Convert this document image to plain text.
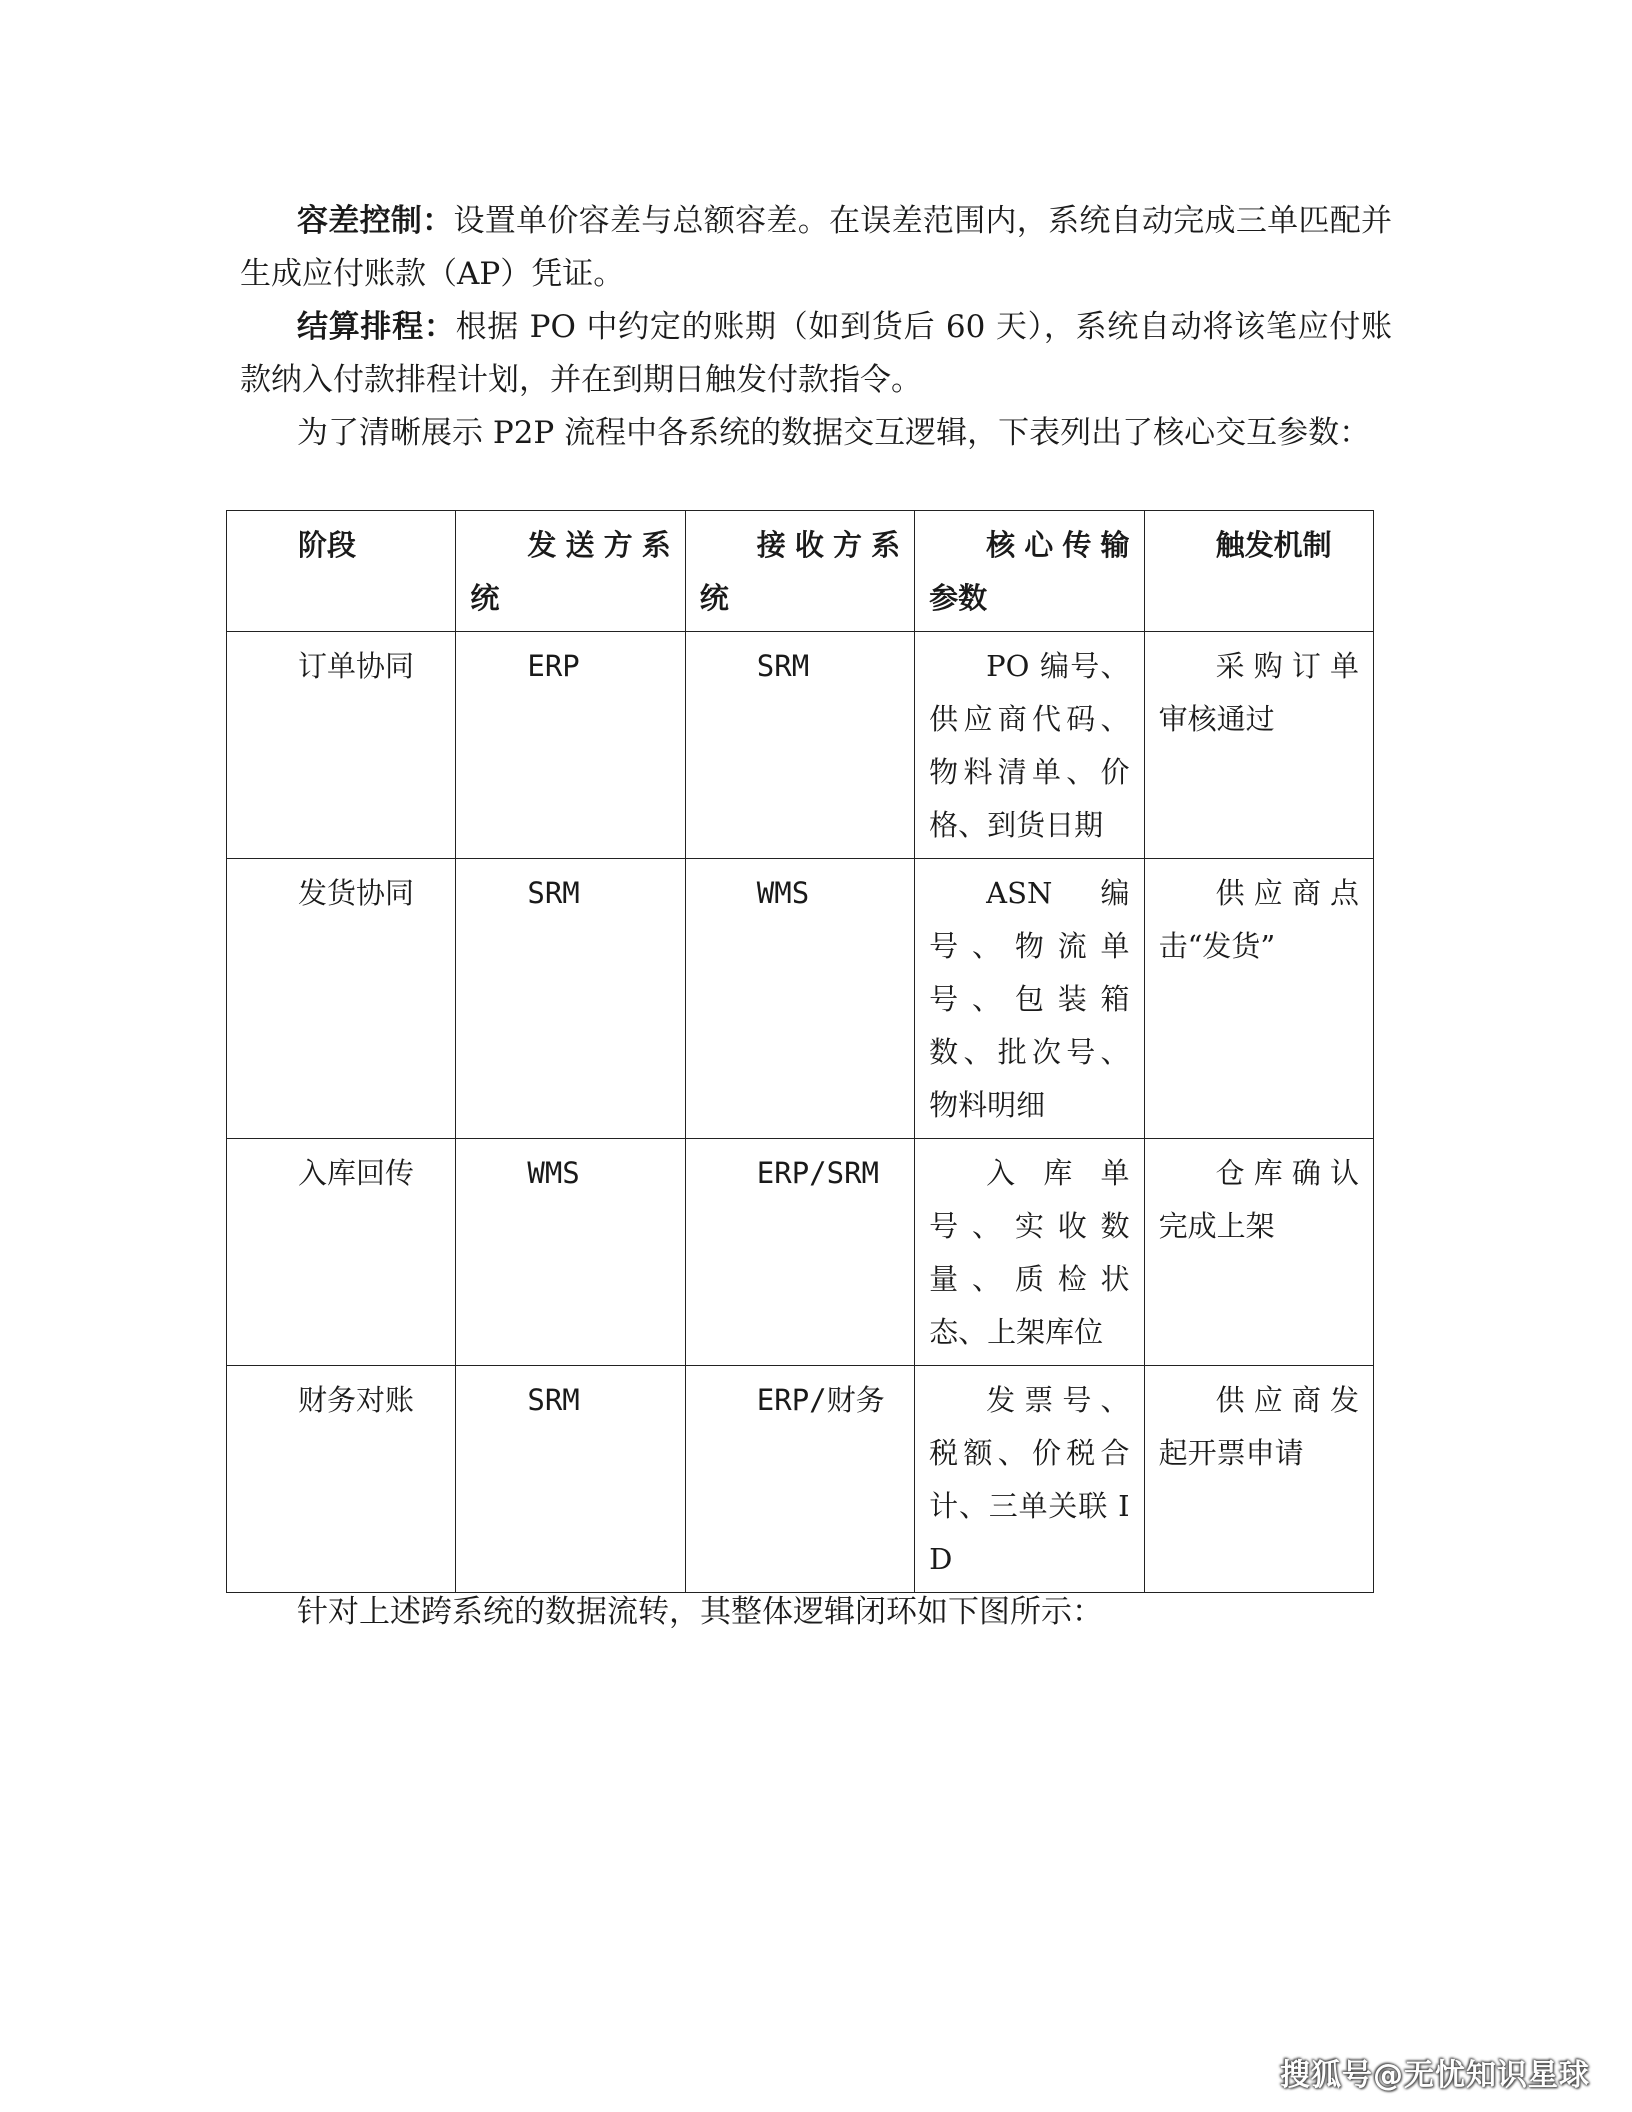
容差控制：设置单价容差与总额容差。在误差范围内，系统自动完成三单匹配并生成应付账款（AP）凭证。

结算排程：根据 PO 中约定的账期（如到货后 60 天），系统自动将该笔应付账款纳入付款排程计划，并在到期日触发付款指令。

为了清晰展示 P2P 流程中各系统的数据交互逻辑，下表列出了核心交互参数：

阶段	发送方系统	接收方系统	核心传输参数	触发机制
订单协同	ERP	SRM	PO 编号、供应商代码、物料清单、价格、到货日期	采购订单审核通过
发货协同	SRM	WMS	ASN 编号、物流单号、包装箱数、批次号、物料明细	供应商点击“发货”
入库回传	WMS	ERP/SRM	入库单号、实收数量、质检状态、上架库位	仓库确认完成上架
财务对账	SRM	ERP/财务	发票号、税额、价税合计、三单关联 ID	供应商发起开票申请

针对上述跨系统的数据流转，其整体逻辑闭环如下图所示：

搜狐号@无忧知识星球
